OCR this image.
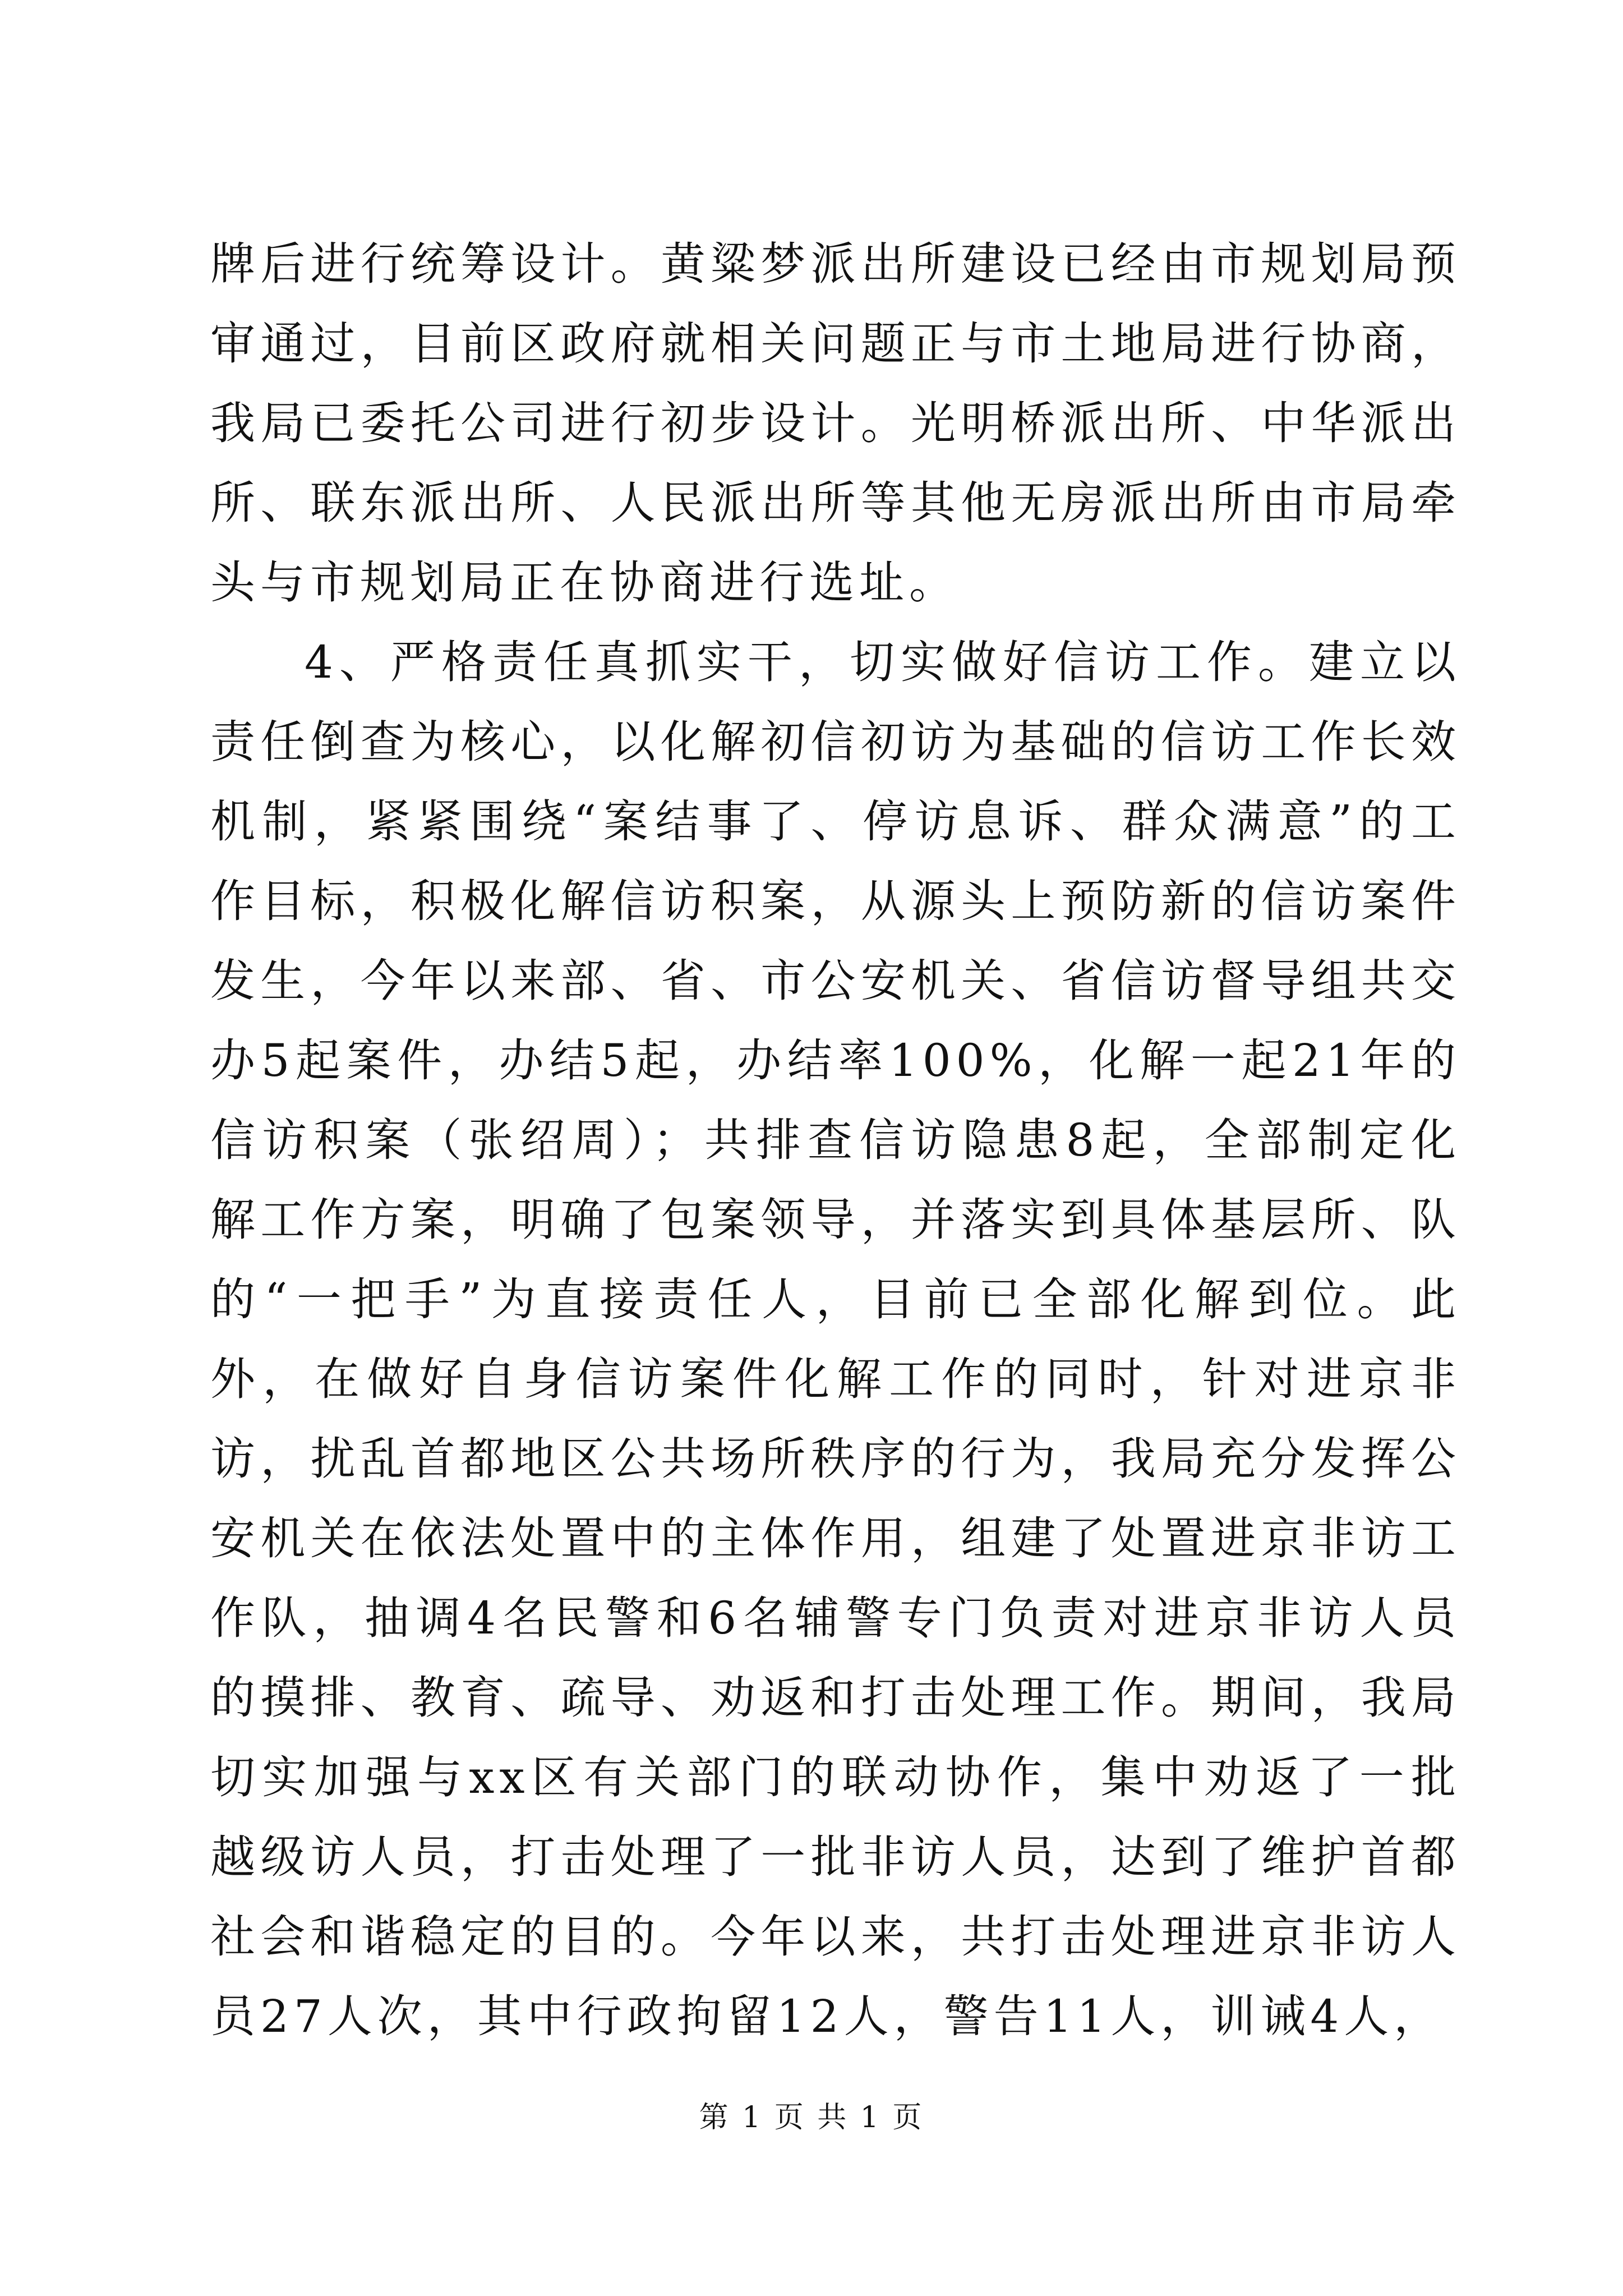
牌后进行统筹设计。黄粱梦派出所建设已经由市规划局预审通过，目前区政府就相关问题正与市土地局进行协商，我局已委托公司进行初步设计。光明桥派出所、中华派出所、联东派出所、人民派出所等其他无房派出所由市局牵头与市规划局正在协商进行选址。

4、严格责任真抓实干，切实做好信访工作。建立以责任倒查为核心，以化解初信初访为基础的信访工作长效机制，紧紧围绕“案结事了、停访息诉、群众满意”的工作目标，积极化解信访积案，从源头上预防新的信访案件发生，今年以来部、省、市公安机关、省信访督导组共交办5起案件，办结5起，办结率100%，化解一起21年的信访积案（张绍周）；共排查信访隐患8起，全部制定化解工作方案，明确了包案领导，并落实到具体基层所、队的“一把手”为直接责任人，目前已全部化解到位。此外，在做好自身信访案件化解工作的同时，针对进京非访，扰乱首都地区公共场所秩序的行为，我局充分发挥公安机关在依法处置中的主体作用，组建了处置进京非访工作队，抽调4名民警和6名辅警专门负责对进京非访人员的摸排、教育、疏导、劝返和打击处理工作。期间，我局切实加强与xx区有关部门的联动协作，集中劝返了一批越级访人员，打击处理了一批非访人员，达到了维护首都社会和谐稳定的目的。今年以来，共打击处理进京非访人员27人次，其中行政拘留12人，警告11人，训诫4人，

第 1 页 共 1 页
